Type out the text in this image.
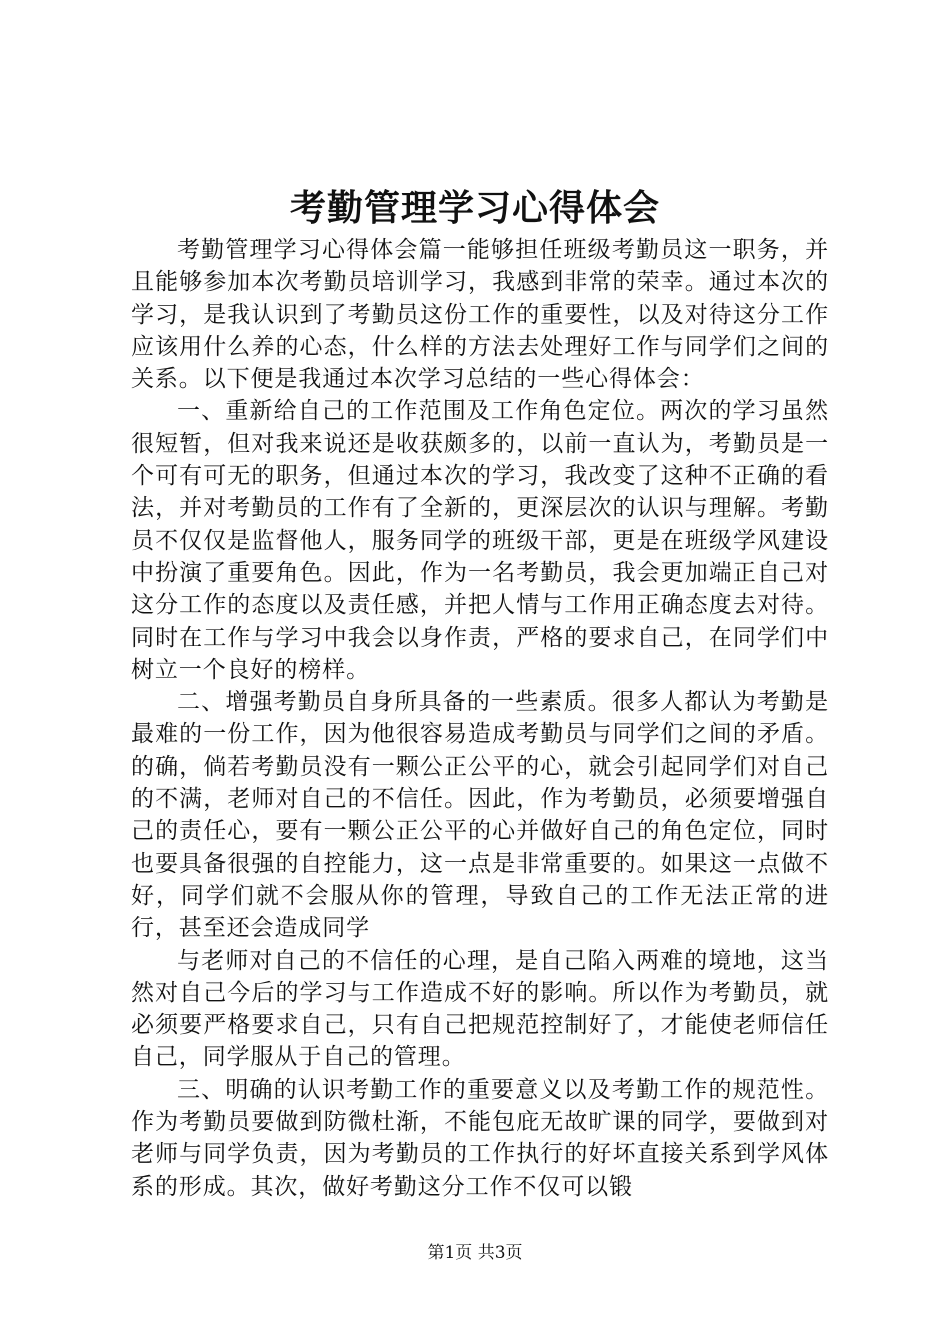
考勤管理学习心得体会

考勤管理学习心得体会篇一能够担任班级考勤员这一职务，并且能够参加本次考勤员培训学习，我感到非常的荣幸。通过本次的学习，是我认识到了考勤员这份工作的重要性，以及对待这分工作应该用什么养的心态，什么样的方法去处理好工作与同学们之间的关系。以下便是我通过本次学习总结的一些心得体会：

一、重新给自己的工作范围及工作角色定位。两次的学习虽然很短暂，但对我来说还是收获颇多的，以前一直认为，考勤员是一个可有可无的职务，但通过本次的学习，我改变了这种不正确的看法，并对考勤员的工作有了全新的，更深层次的认识与理解。考勤员不仅仅是监督他人，服务同学的班级干部，更是在班级学风建设中扮演了重要角色。因此，作为一名考勤员，我会更加端正自己对这分工作的态度以及责任感，并把人情与工作用正确态度去对待。同时在工作与学习中我会以身作责，严格的要求自己，在同学们中树立一个良好的榜样。

二、增强考勤员自身所具备的一些素质。很多人都认为考勤是最难的一份工作，因为他很容易造成考勤员与同学们之间的矛盾。的确，倘若考勤员没有一颗公正公平的心，就会引起同学们对自己的不满，老师对自己的不信任。因此，作为考勤员，必须要增强自己的责任心，要有一颗公正公平的心并做好自己的角色定位，同时也要具备很强的自控能力，这一点是非常重要的。如果这一点做不好，同学们就不会服从你的管理，导致自己的工作无法正常的进行，甚至还会造成同学

与老师对自己的不信任的心理，是自己陷入两难的境地，这当然对自己今后的学习与工作造成不好的影响。所以作为考勤员，就必须要严格要求自己，只有自己把规范控制好了，才能使老师信任自己，同学服从于自己的管理。

三、明确的认识考勤工作的重要意义以及考勤工作的规范性。作为考勤员要做到防微杜渐，不能包庇无故旷课的同学，要做到对老师与同学负责，因为考勤员的工作执行的好坏直接关系到学风体系的形成。其次，做好考勤这分工作不仅可以锻

第1页 共3页
